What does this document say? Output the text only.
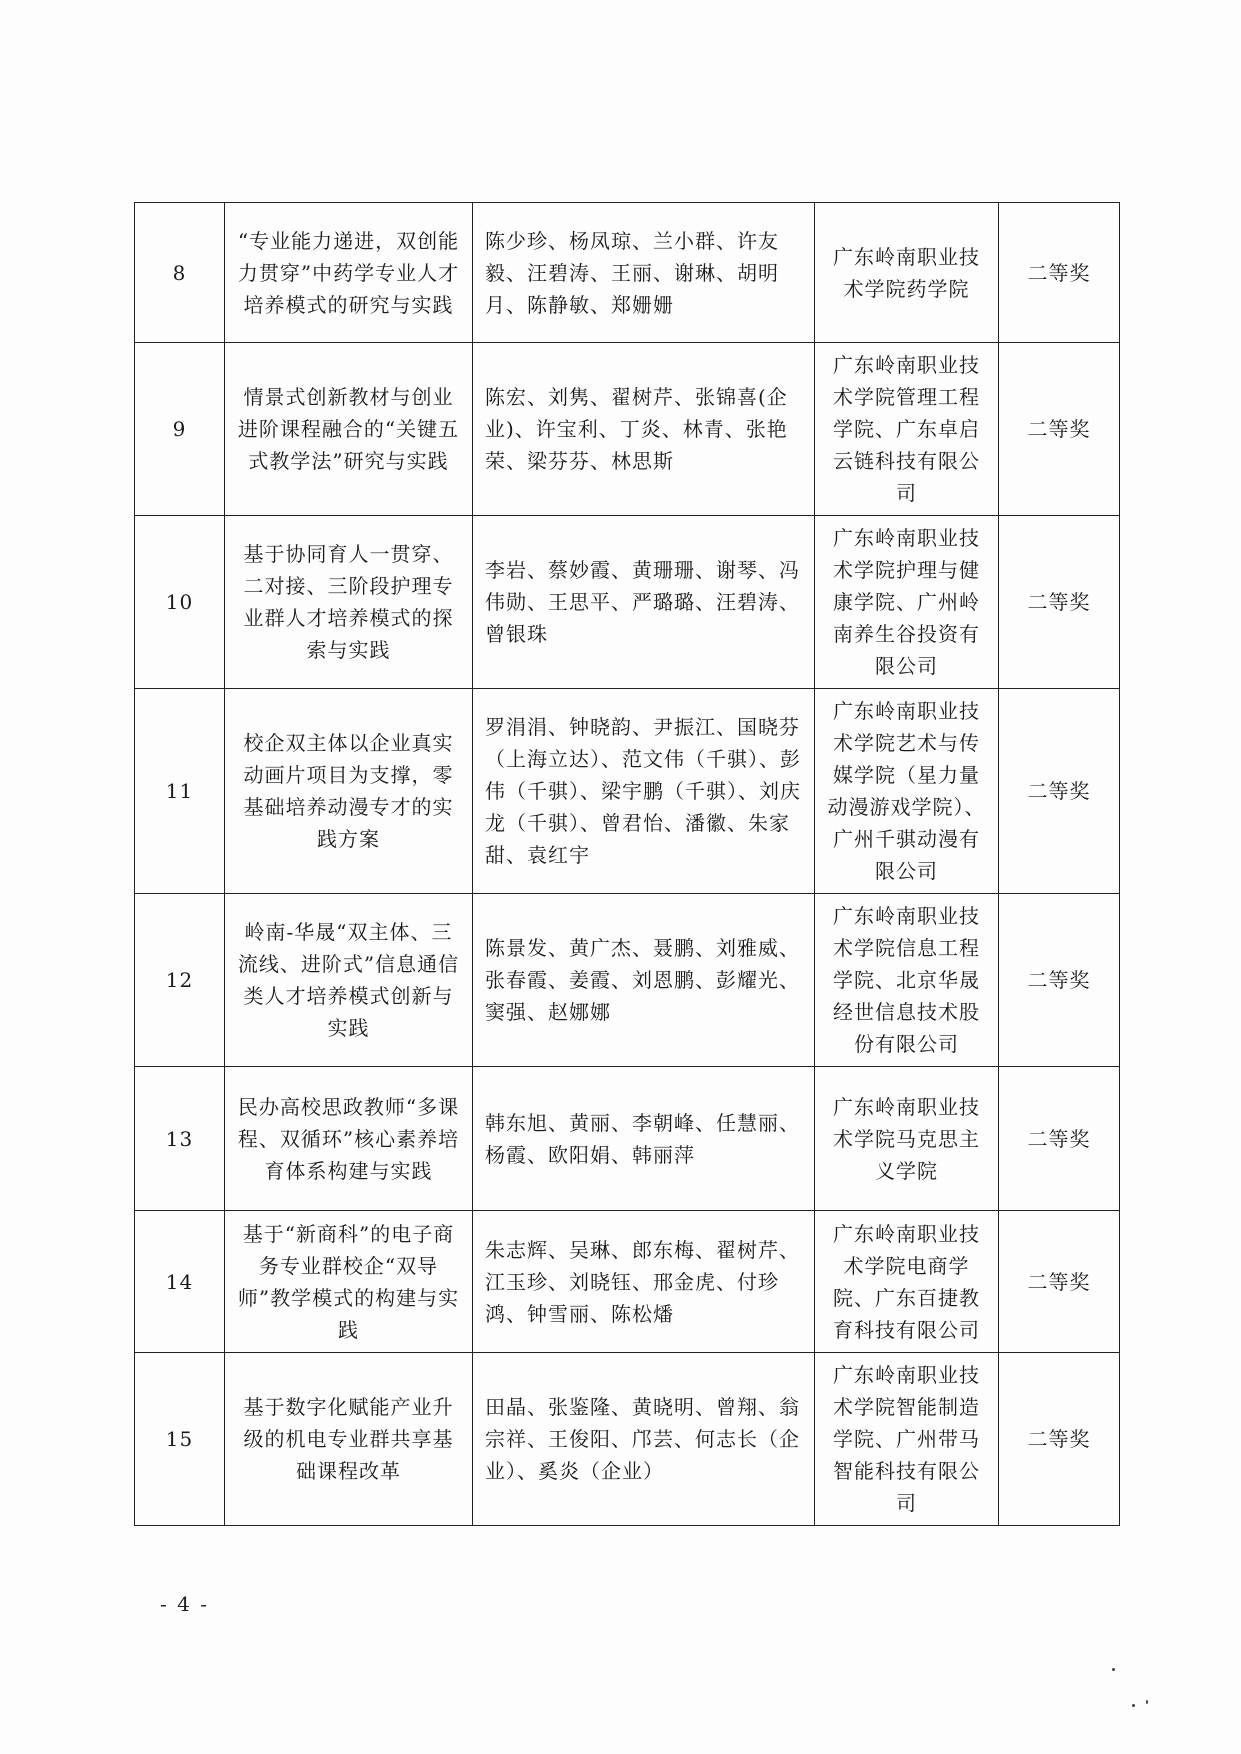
8	“专业能力递进，双创能力贯穿”中药学专业人才培养模式的研究与实践	陈少珍、杨凤琼、兰小群、许友毅、汪碧涛、王丽、谢琳、胡明月、陈静敏、郑姗姗	广东岭南职业技术学院药学院	二等奖
9	情景式创新教材与创业进阶课程融合的“关键五式教学法”研究与实践	陈宏、刘隽、翟树芹、张锦喜(企业)、许宝利、丁炎、林青、张艳荣、梁芬芬、林思斯	广东岭南职业技术学院管理工程学院、广东卓启云链科技有限公司	二等奖
10	基于协同育人一贯穿、二对接、三阶段护理专业群人才培养模式的探索与实践	李岩、蔡妙霞、黄珊珊、谢琴、冯伟勋、王思平、严璐璐、汪碧涛、曾银珠	广东岭南职业技术学院护理与健康学院、广州岭南养生谷投资有限公司	二等奖
11	校企双主体以企业真实动画片项目为支撑，零基础培养动漫专才的实践方案	罗涓涓、钟晓韵、尹振江、国晓芬（上海立达）、范文伟（千骐）、彭伟（千骐）、梁宇鹏（千骐）、刘庆龙（千骐）、曾君怡、潘徽、朱家甜、袁红宇	广东岭南职业技术学院艺术与传媒学院（星力量动漫游戏学院）、广州千骐动漫有限公司	二等奖
12	岭南-华晟“双主体、三流线、进阶式”信息通信类人才培养模式创新与实践	陈景发、黄广杰、聂鹏、刘雅威、张春霞、姜霞、刘恩鹏、彭耀光、窦强、赵娜娜	广东岭南职业技术学院信息工程学院、北京华晟经世信息技术股份有限公司	二等奖
13	民办高校思政教师“多课程、双循环”核心素养培育体系构建与实践	韩东旭、黄丽、李朝峰、任慧丽、杨霞、欧阳娟、韩丽萍	广东岭南职业技术学院马克思主义学院	二等奖
14	基于“新商科”的电子商务专业群校企“双导师”教学模式的构建与实践	朱志辉、吴琳、郎东梅、翟树芹、江玉珍、刘晓钰、邢金虎、付珍鸿、钟雪丽、陈松燔	广东岭南职业技术学院电商学院、广东百捷教育科技有限公司	二等奖
15	基于数字化赋能产业升级的机电专业群共享基础课程改革	田晶、张鉴隆、黄晓明、曾翔、翁宗祥、王俊阳、邝芸、何志长（企业）、奚炎（企业）	广东岭南职业技术学院智能制造学院、广州带马智能科技有限公司	二等奖
- 4 -
